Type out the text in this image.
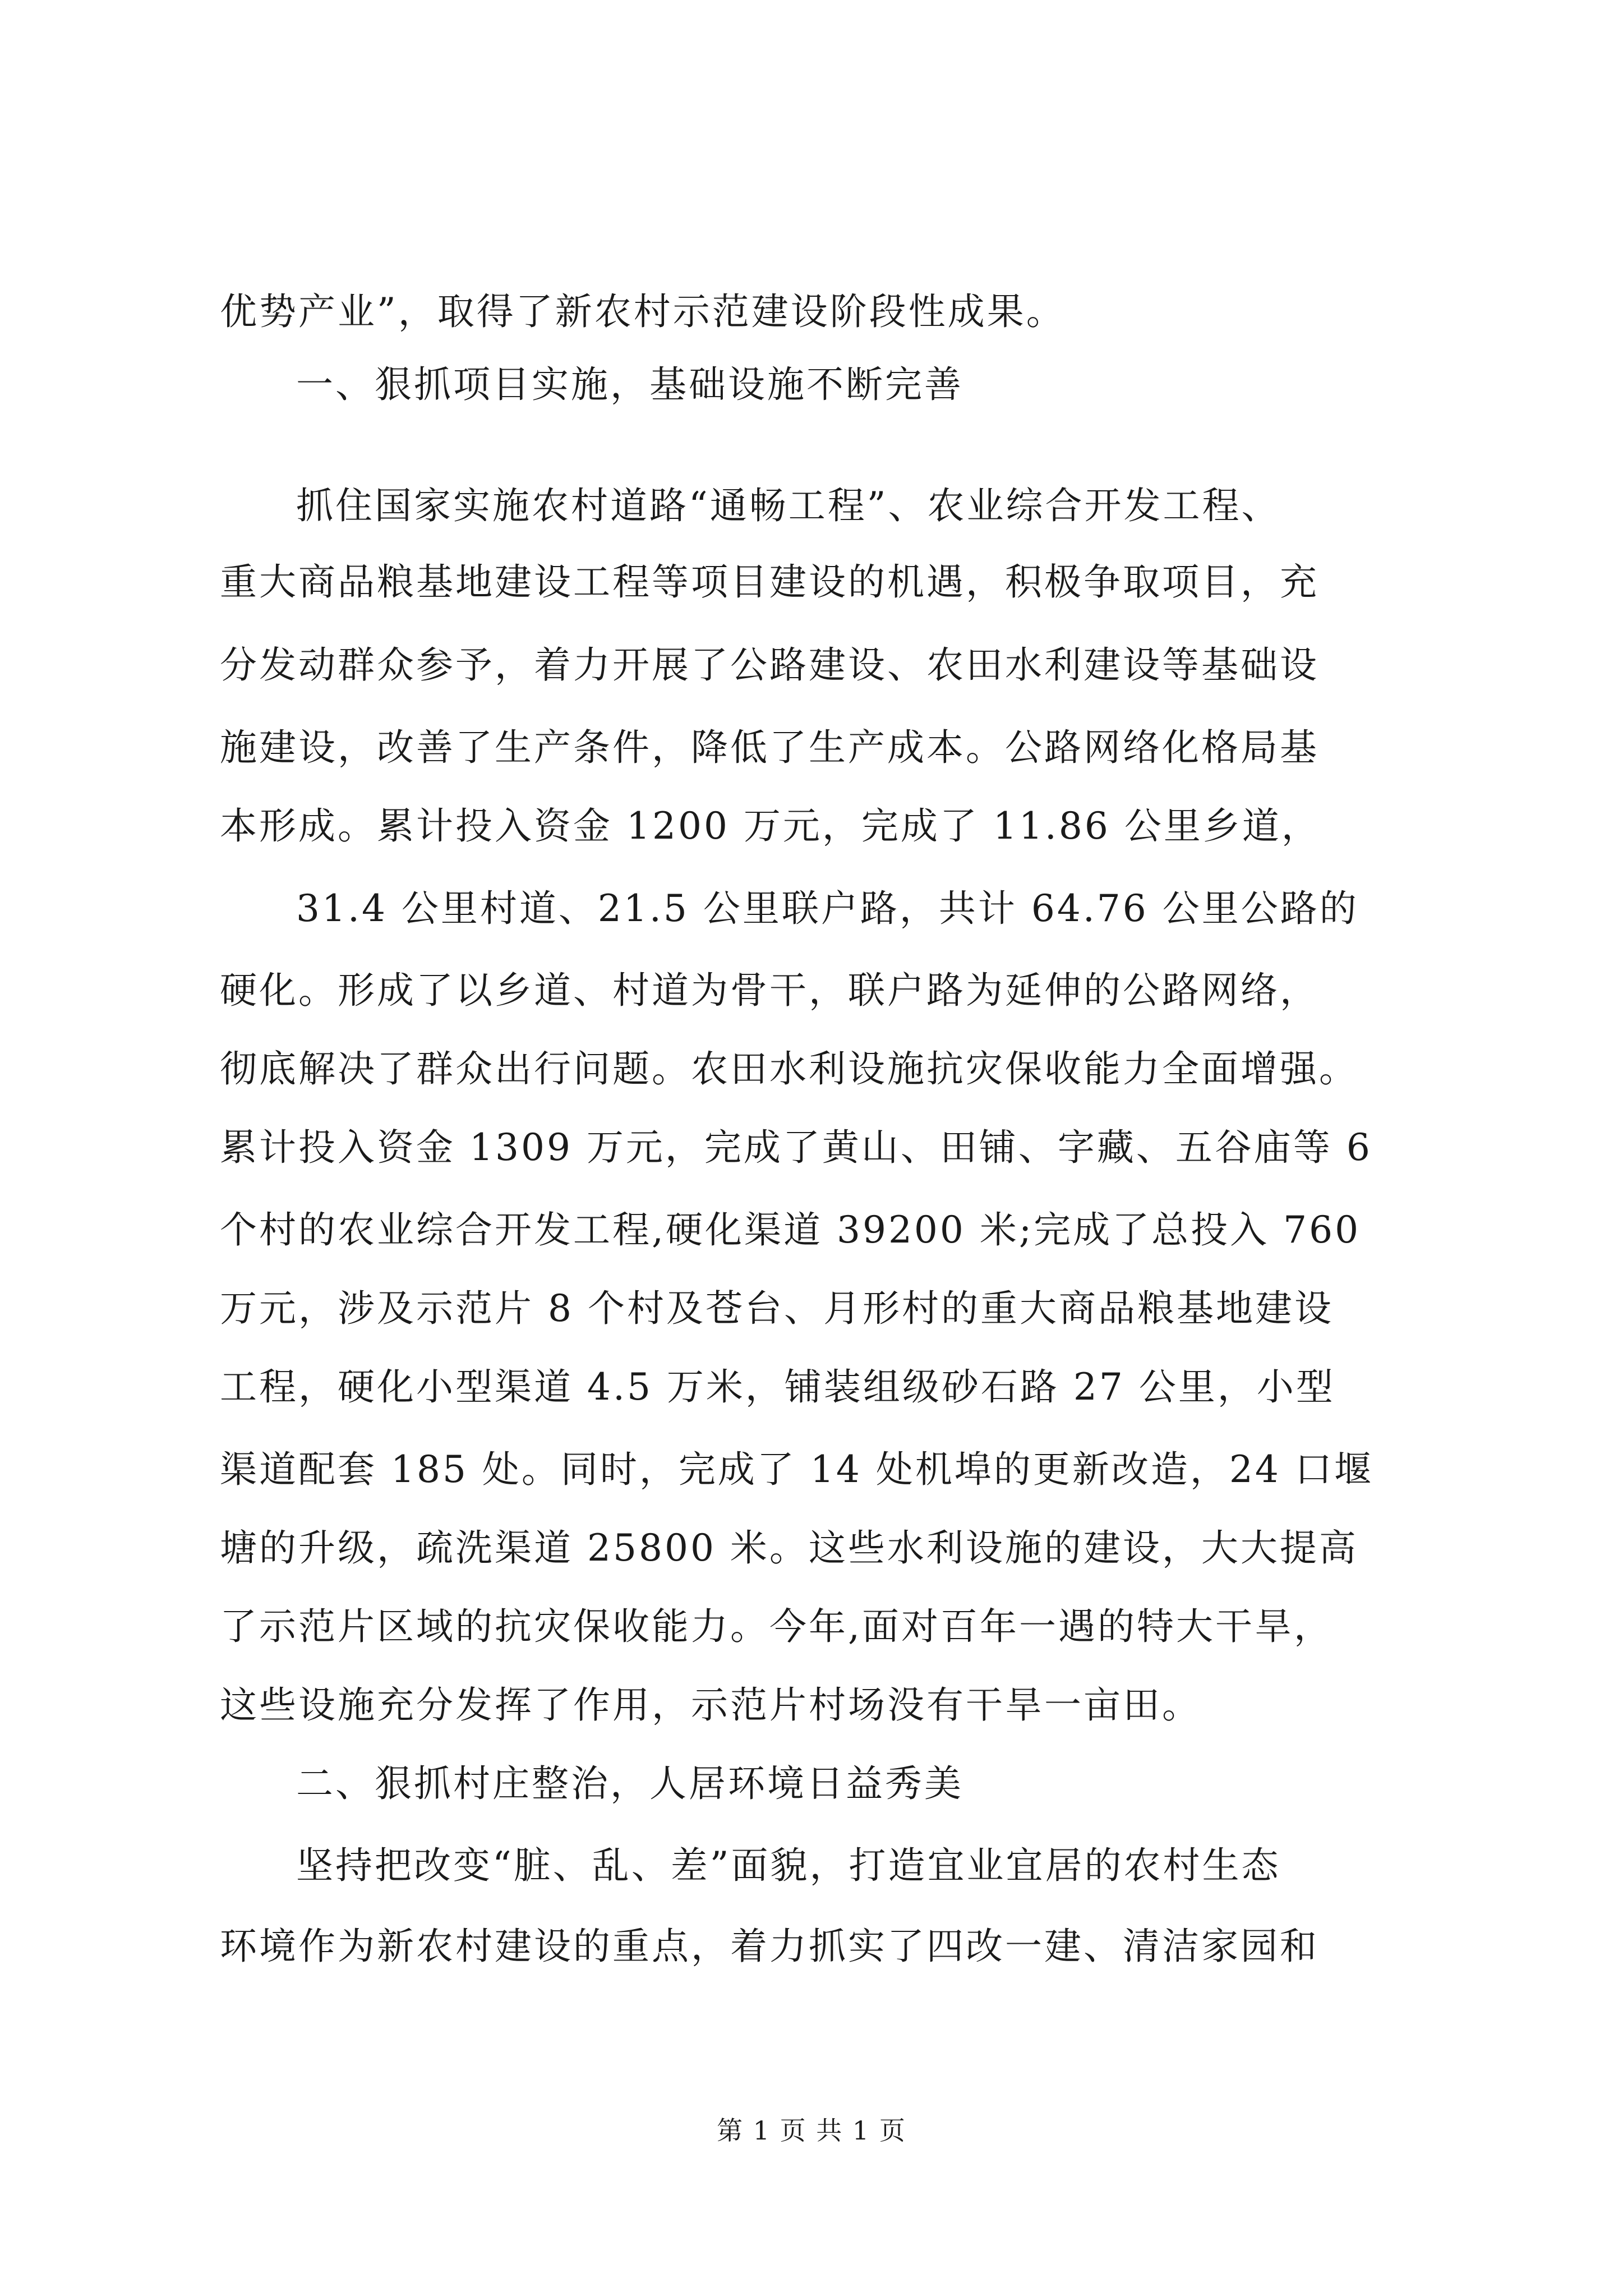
优势产业”，取得了新农村示范建设阶段性成果。
一、狠抓项目实施，基础设施不断完善
抓住国家实施农村道路“通畅工程”、农业综合开发工程、
重大商品粮基地建设工程等项目建设的机遇，积极争取项目，充
分发动群众参予，着力开展了公路建设、农田水利建设等基础设
施建设，改善了生产条件，降低了生产成本。公路网络化格局基
本形成。累计投入资金 1200 万元，完成了 11.86 公里乡道，
31.4 公里村道、21.5 公里联户路，共计 64.76 公里公路的
硬化。形成了以乡道、村道为骨干，联户路为延伸的公路网络，
彻底解决了群众出行问题。农田水利设施抗灾保收能力全面增强。
累计投入资金 1309 万元，完成了黄山、田铺、字藏、五谷庙等 6
个村的农业综合开发工程,硬化渠道 39200 米;完成了总投入 760
万元，涉及示范片 8 个村及苍台、月形村的重大商品粮基地建设
工程，硬化小型渠道 4.5 万米，铺装组级砂石路 27 公里，小型
渠道配套 185 处。同时，完成了 14 处机埠的更新改造，24 口堰
塘的升级，疏洗渠道 25800 米。这些水利设施的建设，大大提高
了示范片区域的抗灾保收能力。今年,面对百年一遇的特大干旱，
这些设施充分发挥了作用，示范片村场没有干旱一亩田。
二、狠抓村庄整治，人居环境日益秀美
坚持把改变“脏、乱、差”面貌，打造宜业宜居的农村生态
环境作为新农村建设的重点，着力抓实了四改一建、清洁家园和
第 1 页 共 1 页
